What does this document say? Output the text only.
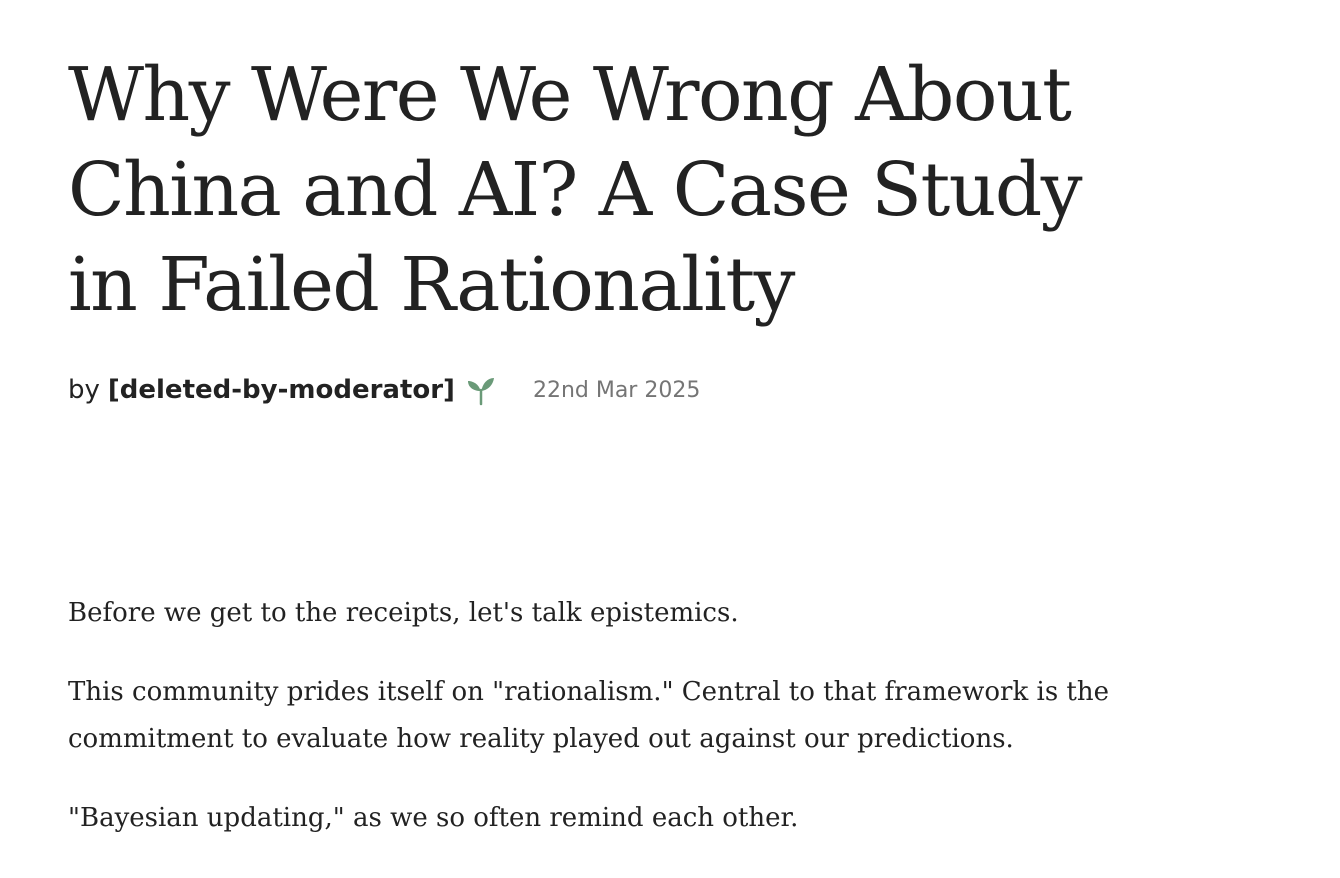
Why Were We Wrong About China and AI? A Case Study in Failed Rationality
by [deleted-by-moderator]	22nd Mar 2025

Before we get to the receipts, let's talk epistemics.

This community prides itself on "rationalism." Central to that framework is the commitment to evaluate how reality played out against our predictions.

"Bayesian updating," as we so often remind each other.
